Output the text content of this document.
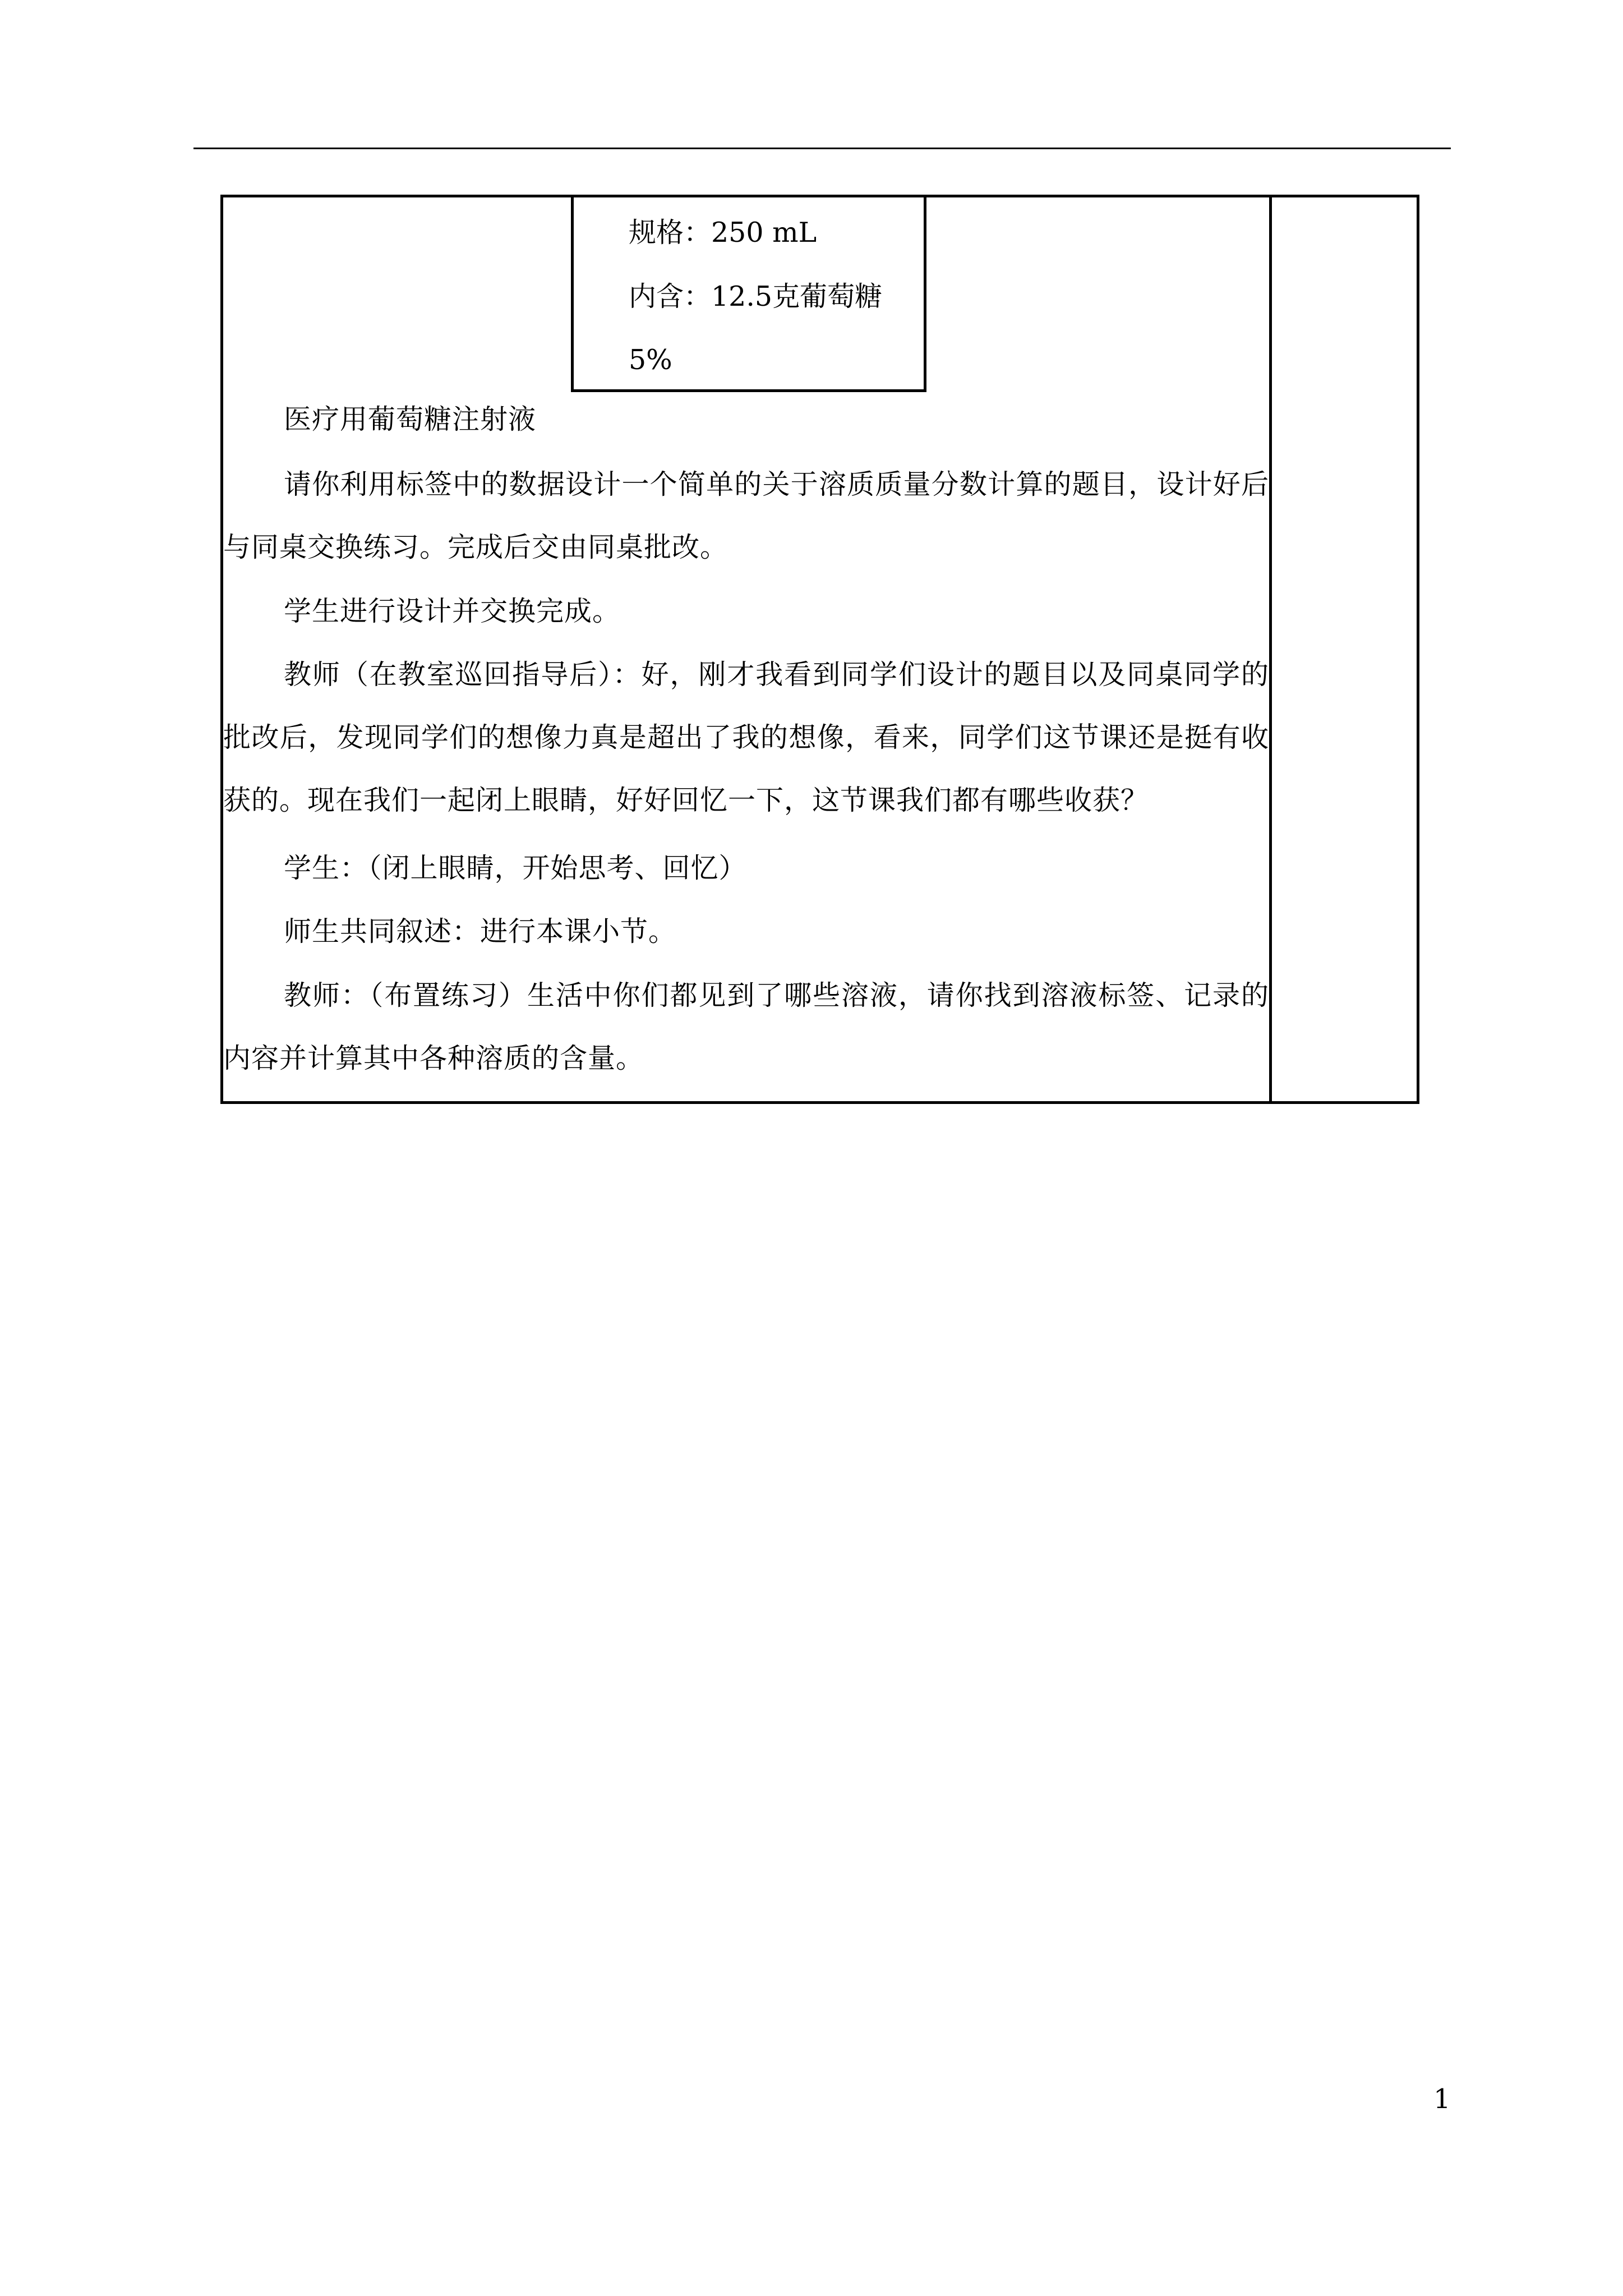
规格：250 mL
内含：12.5克葡萄糖
5%
医疗用葡萄糖注射液
请你利用标签中的数据设计一个简单的关于溶质质量分数计算的题目，设计好后与同桌交换练习。完成后交由同桌批改。
学生进行设计并交换完成。
教师（在教室巡回指导后）：好，刚才我看到同学们设计的题目以及同桌同学的批改后，发现同学们的想像力真是超出了我的想像，看来，同学们这节课还是挺有收获的。现在我们一起闭上眼睛，好好回忆一下，这节课我们都有哪些收获？
学生：（闭上眼睛，开始思考、回忆）
师生共同叙述：进行本课小节。
教师：（布置练习）生活中你们都见到了哪些溶液，请你找到溶液标签、记录的内容并计算其中各种溶质的含量。
1
